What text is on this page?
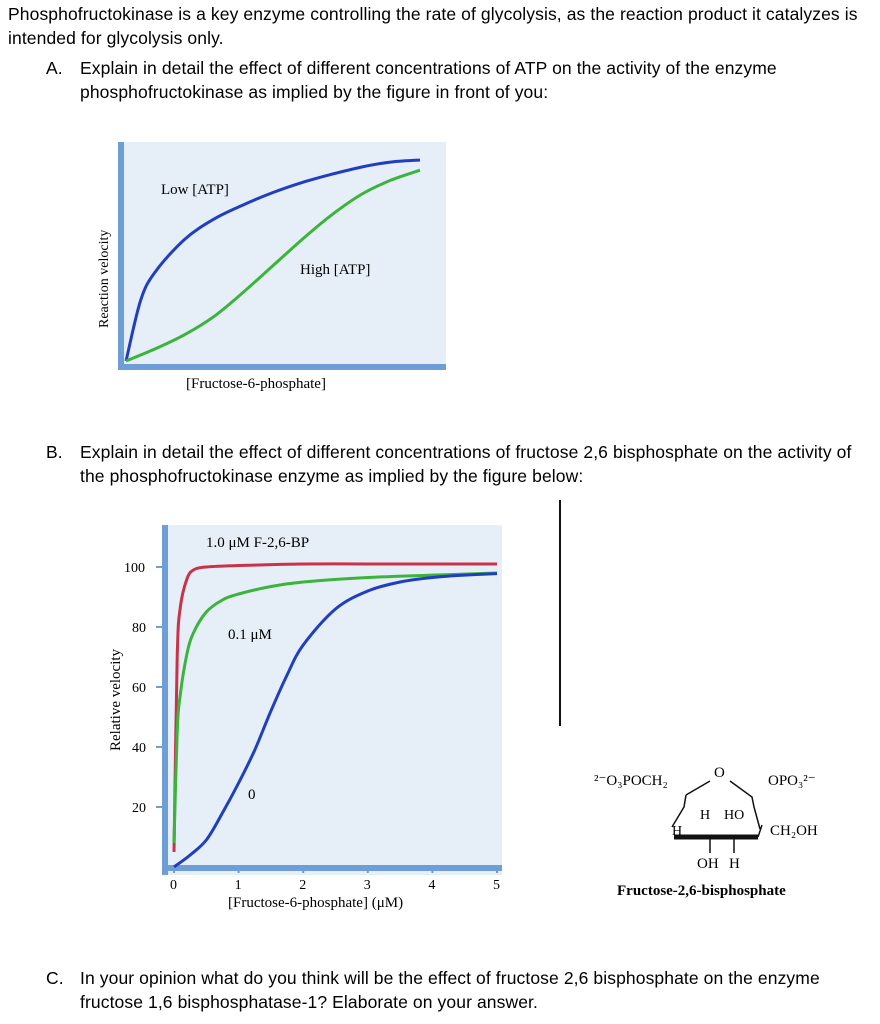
Phosphofructokinase is a key enzyme controlling the rate of glycolysis, as the reaction product it catalyzes is intended for glycolysis only.
A. Explain in detail the effect of different concentrations of ATP on the activity of the enzyme phosphofructokinase as implied by the figure in front of you:
Reaction velocity
[Fructose-6-phosphate]
Low [ATP]
High [ATP]
B. Explain in detail the effect of different concentrations of fructose 2,6 bisphosphate on the activity of the phosphofructokinase enzyme as implied by the figure below:
Relative velocity
[Fructose-6-phosphate] (μM)
0	1	2	3	4	5
20
40
60
80
100
1.0 μM F-2,6-BP
0.1 μM
0
²⁻O₃POCH₂	O	OPO₃²⁻
H HO
H	CH₂OH
OH H
Fructose-2,6-bisphosphate
C. In your opinion what do you think will be the effect of fructose 2,6 bisphosphate on the enzyme fructose 1,6 bisphosphatase-1? Elaborate on your answer.
